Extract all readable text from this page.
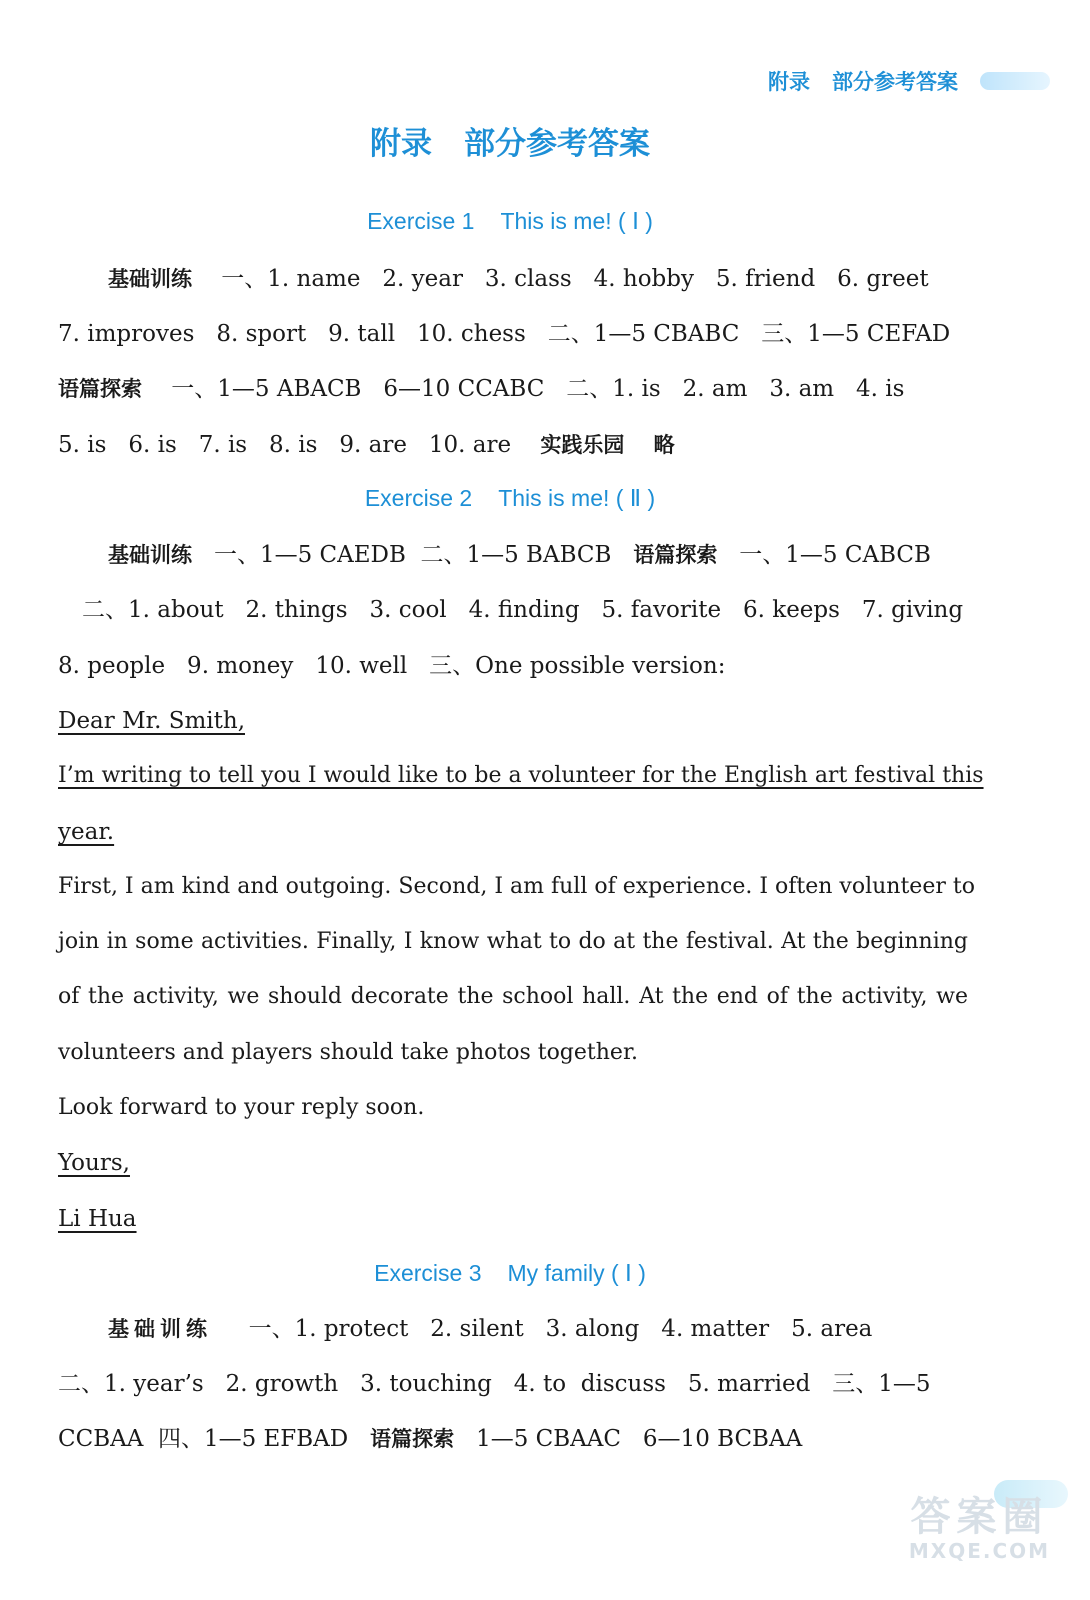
附录 部分参考答案
附录 部分参考答案
Exercise 1 This is me! ( Ⅰ )
基础训练 一、1. name   2. year   3. class   4. hobby   5. friend   6. greet
7. improves   8. sport   9. tall   10. chess   二、1—5 CBABC   三、1—5 CEFAD
语篇探索 一、1—5 ABACB   6—10 CCABC   二、1. is   2. am   3. am   4. is
5. is   6. is   7. is   8. is   9. are   10. are 实践乐园 略
Exercise 2 This is me! ( Ⅱ )
基础训练 一、1—5 CAEDB  二、1—5 BABCB 语篇探索 一、1—5 CABCB
二、1. about   2. things   3. cool   4. finding   5. favorite   6. keeps   7. giving
8. people   9. money   10. well   三、One possible version:
Dear Mr. Smith,
I’m writing to tell you I would like to be a volunteer for the English art festival this
year.
First, I am kind and outgoing. Second, I am full of experience. I often volunteer to
join in some activities. Finally, I know what to do at the festival. At the beginning
of the activity, we should decorate the school hall. At the end of the activity, we
volunteers and players should take photos together.
Look forward to your reply soon.
Yours,
Li Hua
Exercise 3 My family ( Ⅰ )
基础训练 一、1. protect   2. silent   3. along   4. matter   5. area
二、1. year’s   2. growth   3. touching   4. to  discuss   5. married   三、1—5
CCBAA  四、1—5 EFBAD 语篇探索 1—5 CBAAC   6—10 BCBAA
答案圈
MXQE.COM
